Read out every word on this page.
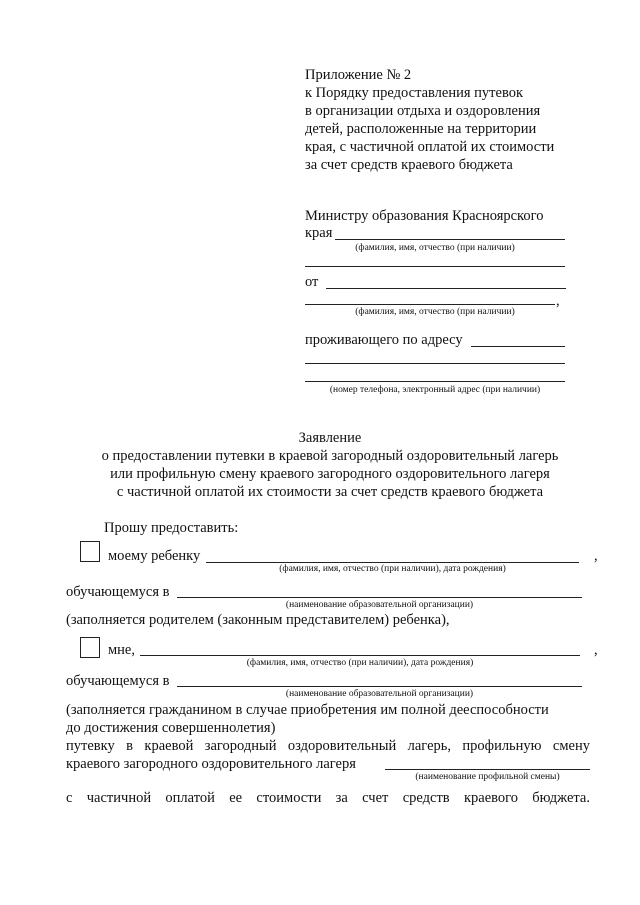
Приложение № 2
к Порядку предоставления путевок
в организации отдыха и оздоровления
детей, расположенные на территории
края, с частичной оплатой их стоимости
за счет средств краевого бюджета
Министру образования Красноярского
края
(фамилия, имя, отчество (при наличии)
от
,
(фамилия, имя, отчество (при наличии)
проживающего по адресу
(номер телефона, электронный адрес (при наличии)
Заявление
о предоставлении путевки в краевой загородный оздоровительный лагерь
или профильную смену краевого загородного оздоровительного лагеря
с частичной оплатой их стоимости за счет средств краевого бюджета
Прошу предоставить:
моему ребенку	,
(фамилия, имя, отчество (при наличии), дата рождения)
обучающемуся в
(наименование образовательной организации)
(заполняется родителем (законным представителем) ребенка),
мне,	,
(фамилия, имя, отчество (при наличии), дата рождения)
обучающемуся в
(наименование образовательной организации)
(заполняется гражданином в случае приобретения им полной дееспособности
до достижения совершеннолетия)
путевку в краевой загородный оздоровительный лагерь, профильную смену
краевого загородного оздоровительного лагеря
(наименование профильной смены)
с частичной оплатой ее стоимости за счет средств краевого бюджета.
